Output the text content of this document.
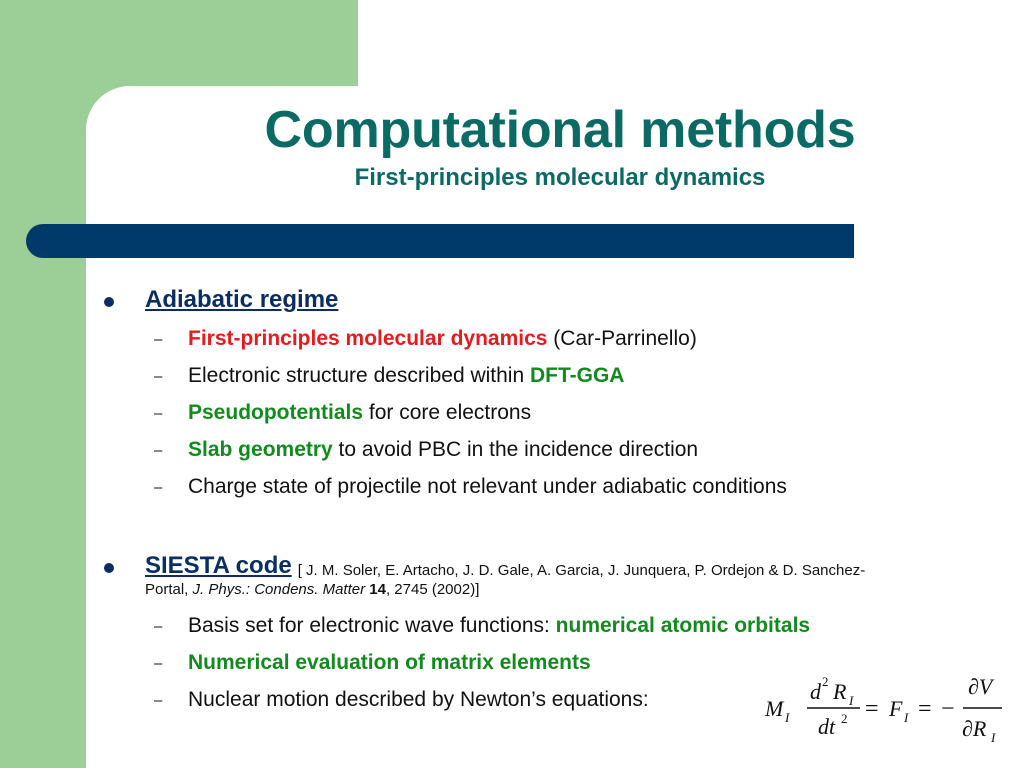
Computational methods
First-principles molecular dynamics
Adiabatic regime
–	First-principles molecular dynamics (Car-Parrinello)
–	Electronic structure described within DFT-GGA
–	Pseudopotentials for core electrons
–	Slab geometry to avoid PBC in the incidence direction
–	Charge state of projectile not relevant under adiabatic conditions
SIESTA code [ J. M. Soler, E. Artacho, J. D. Gale, A. Garcia, J. Junquera, P. Ordejon & D. Sanchez-
Portal, J. Phys.: Condens. Matter 14, 2745 (2002)]
–	Basis set for electronic wave functions: numerical atomic orbitals
–	Numerical evaluation of matrix elements
–	Nuclear motion described by Newton’s equations:	M I
d 2 R I
dt 2 = F I = −
∂V
∂R I
